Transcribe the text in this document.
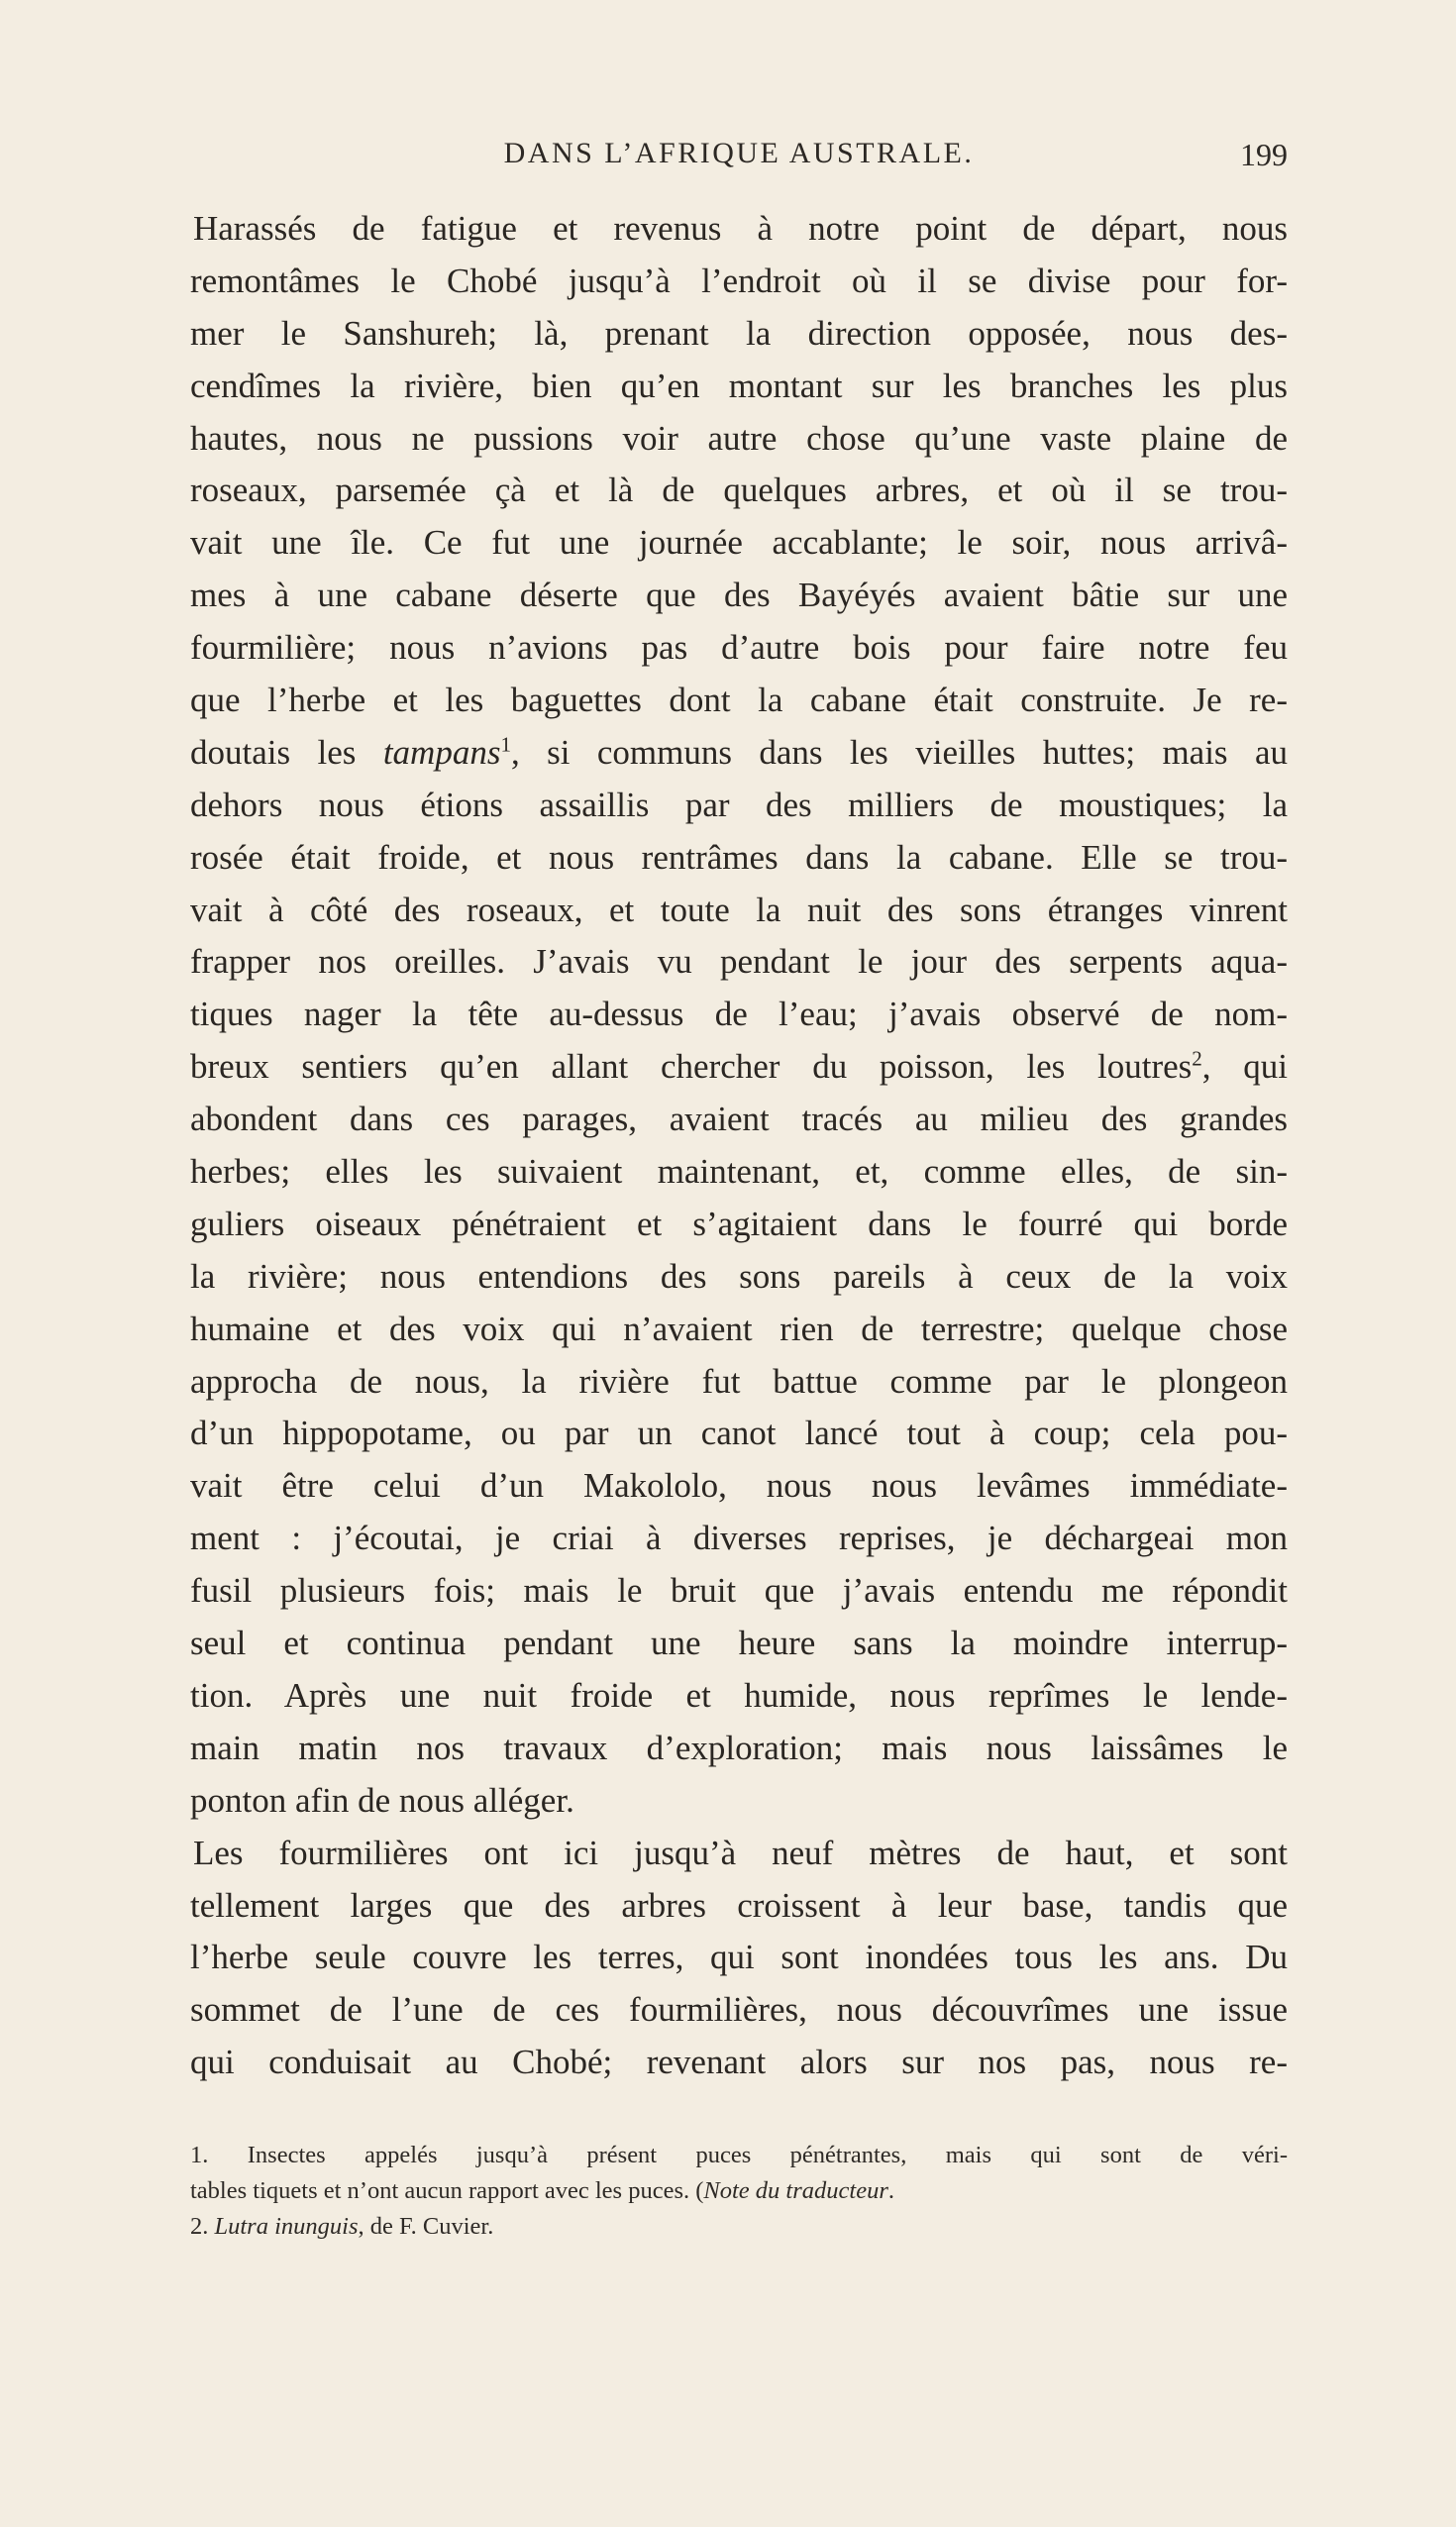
DANS L’AFRIQUE AUSTRALE.	199
Harassés de fatigue et revenus à notre point de départ, nous
remontâmes le Chobé jusqu’à l’endroit où il se divise pour for-
mer le Sanshureh; là, prenant la direction opposée, nous des-
cendîmes la rivière, bien qu’en montant sur les branches les plus
hautes, nous ne pussions voir autre chose qu’une vaste plaine de
roseaux, parsemée çà et là de quelques arbres, et où il se trou-
vait une île. Ce fut une journée accablante; le soir, nous arrivâ-
mes à une cabane déserte que des Bayéyés avaient bâtie sur une
fourmilière; nous n’avions pas d’autre bois pour faire notre feu
que l’herbe et les baguettes dont la cabane était construite. Je re-
doutais les tampans$^1$, si communs dans les vieilles huttes; mais au
dehors nous étions assaillis par des milliers de moustiques; la
rosée était froide, et nous rentrâmes dans la cabane. Elle se trou-
vait à côté des roseaux, et toute la nuit des sons étranges vinrent
frapper nos oreilles. J’avais vu pendant le jour des serpents aqua-
tiques nager la tête au-dessus de l’eau; j’avais observé de nom-
breux sentiers qu’en allant chercher du poisson, les loutres$^2$, qui
abondent dans ces parages, avaient tracés au milieu des grandes
herbes; elles les suivaient maintenant, et, comme elles, de sin-
guliers oiseaux pénétraient et s’agitaient dans le fourré qui borde
la rivière; nous entendions des sons pareils à ceux de la voix
humaine et des voix qui n’avaient rien de terrestre; quelque chose
approcha de nous, la rivière fut battue comme par le plongeon
d’un hippopotame, ou par un canot lancé tout à coup; cela pou-
vait être celui d’un Makololo, nous nous levâmes immédiate-
ment : j’écoutai, je criai à diverses reprises, je déchargeai mon
fusil plusieurs fois; mais le bruit que j’avais entendu me répondit
seul et continua pendant une heure sans la moindre interrup-
tion. Après une nuit froide et humide, nous reprîmes le lende-
main matin nos travaux d’exploration; mais nous laissâmes le
ponton afin de nous alléger.
Les fourmilières ont ici jusqu’à neuf mètres de haut, et sont
tellement larges que des arbres croissent à leur base, tandis que
l’herbe seule couvre les terres, qui sont inondées tous les ans. Du
sommet de l’une de ces fourmilières, nous découvrîmes une issue
qui conduisait au Chobé; revenant alors sur nos pas, nous re-
1. Insectes appelés jusqu’à présent puces pénétrantes, mais qui sont de véri-
tables tiquets et n’ont aucun rapport avec les puces. (Note du traducteur.
2. Lutra inunguis, de F. Cuvier.
